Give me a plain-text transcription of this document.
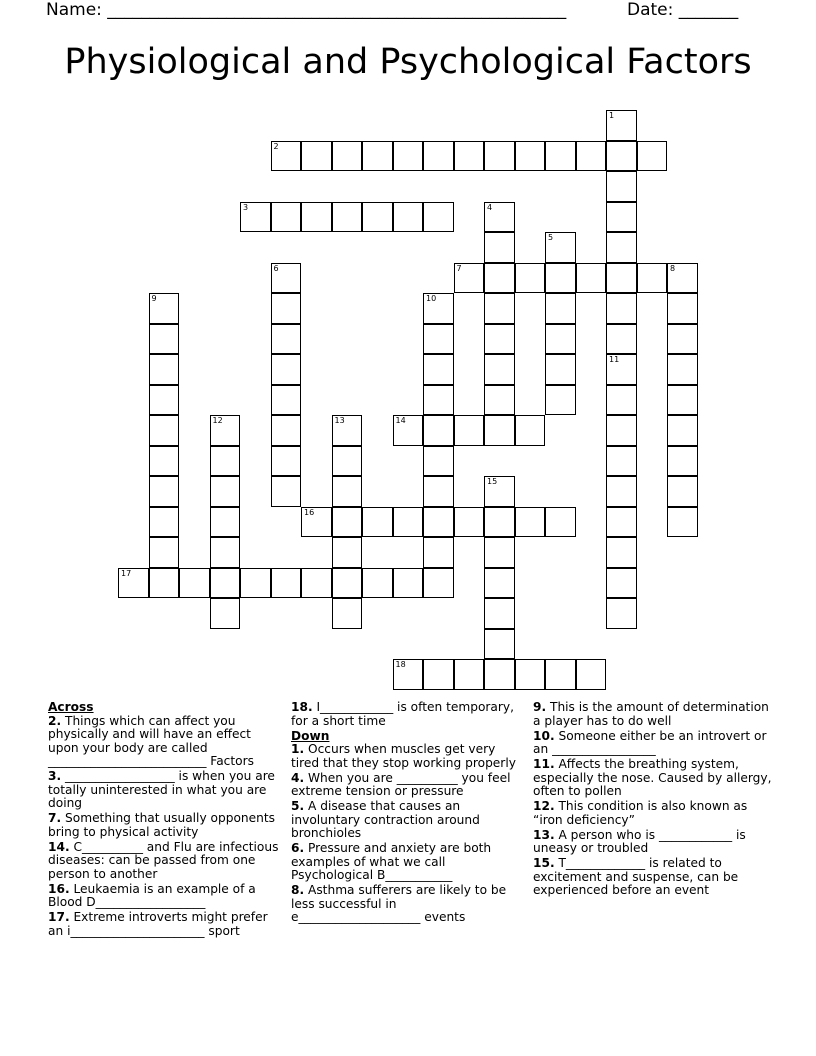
Name: ______________________________________________________	Date: _______
Physiological and Psychological Factors
1
2
3	4
5
6	7	8
9	10
11
12	13	14
15
16
17
18
Across
2. Things which can affect you physically and will have an effect upon your body are called __________________________ Factors
3. __________________ is when you are totally uninterested in what you are doing
7. Something that usually opponents bring to physical activity
14. C__________ and Flu are infectious diseases: can be passed from one person to another
16. Leukaemia is an example of a Blood D__________________
17. Extreme introverts might prefer an i______________________ sport
18. I____________ is often temporary, for a short time
Down
1. Occurs when muscles get very tired that they stop working properly
4. When you are __________ you feel extreme tension or pressure
5. A disease that causes an involuntary contraction around bronchioles
6. Pressure and anxiety are both examples of what we call Psychological B___________
8. Asthma sufferers are likely to be less successful in e____________________ events
9. This is the amount of determination a player has to do well
10. Someone either be an introvert or an _________________
11. Affects the breathing system, especially the nose. Caused by allergy, often to pollen
12. This condition is also known as “iron deficiency”
13. A person who is ____________ is uneasy or troubled
15. T_____________ is related to excitement and suspense, can be experienced before an event
